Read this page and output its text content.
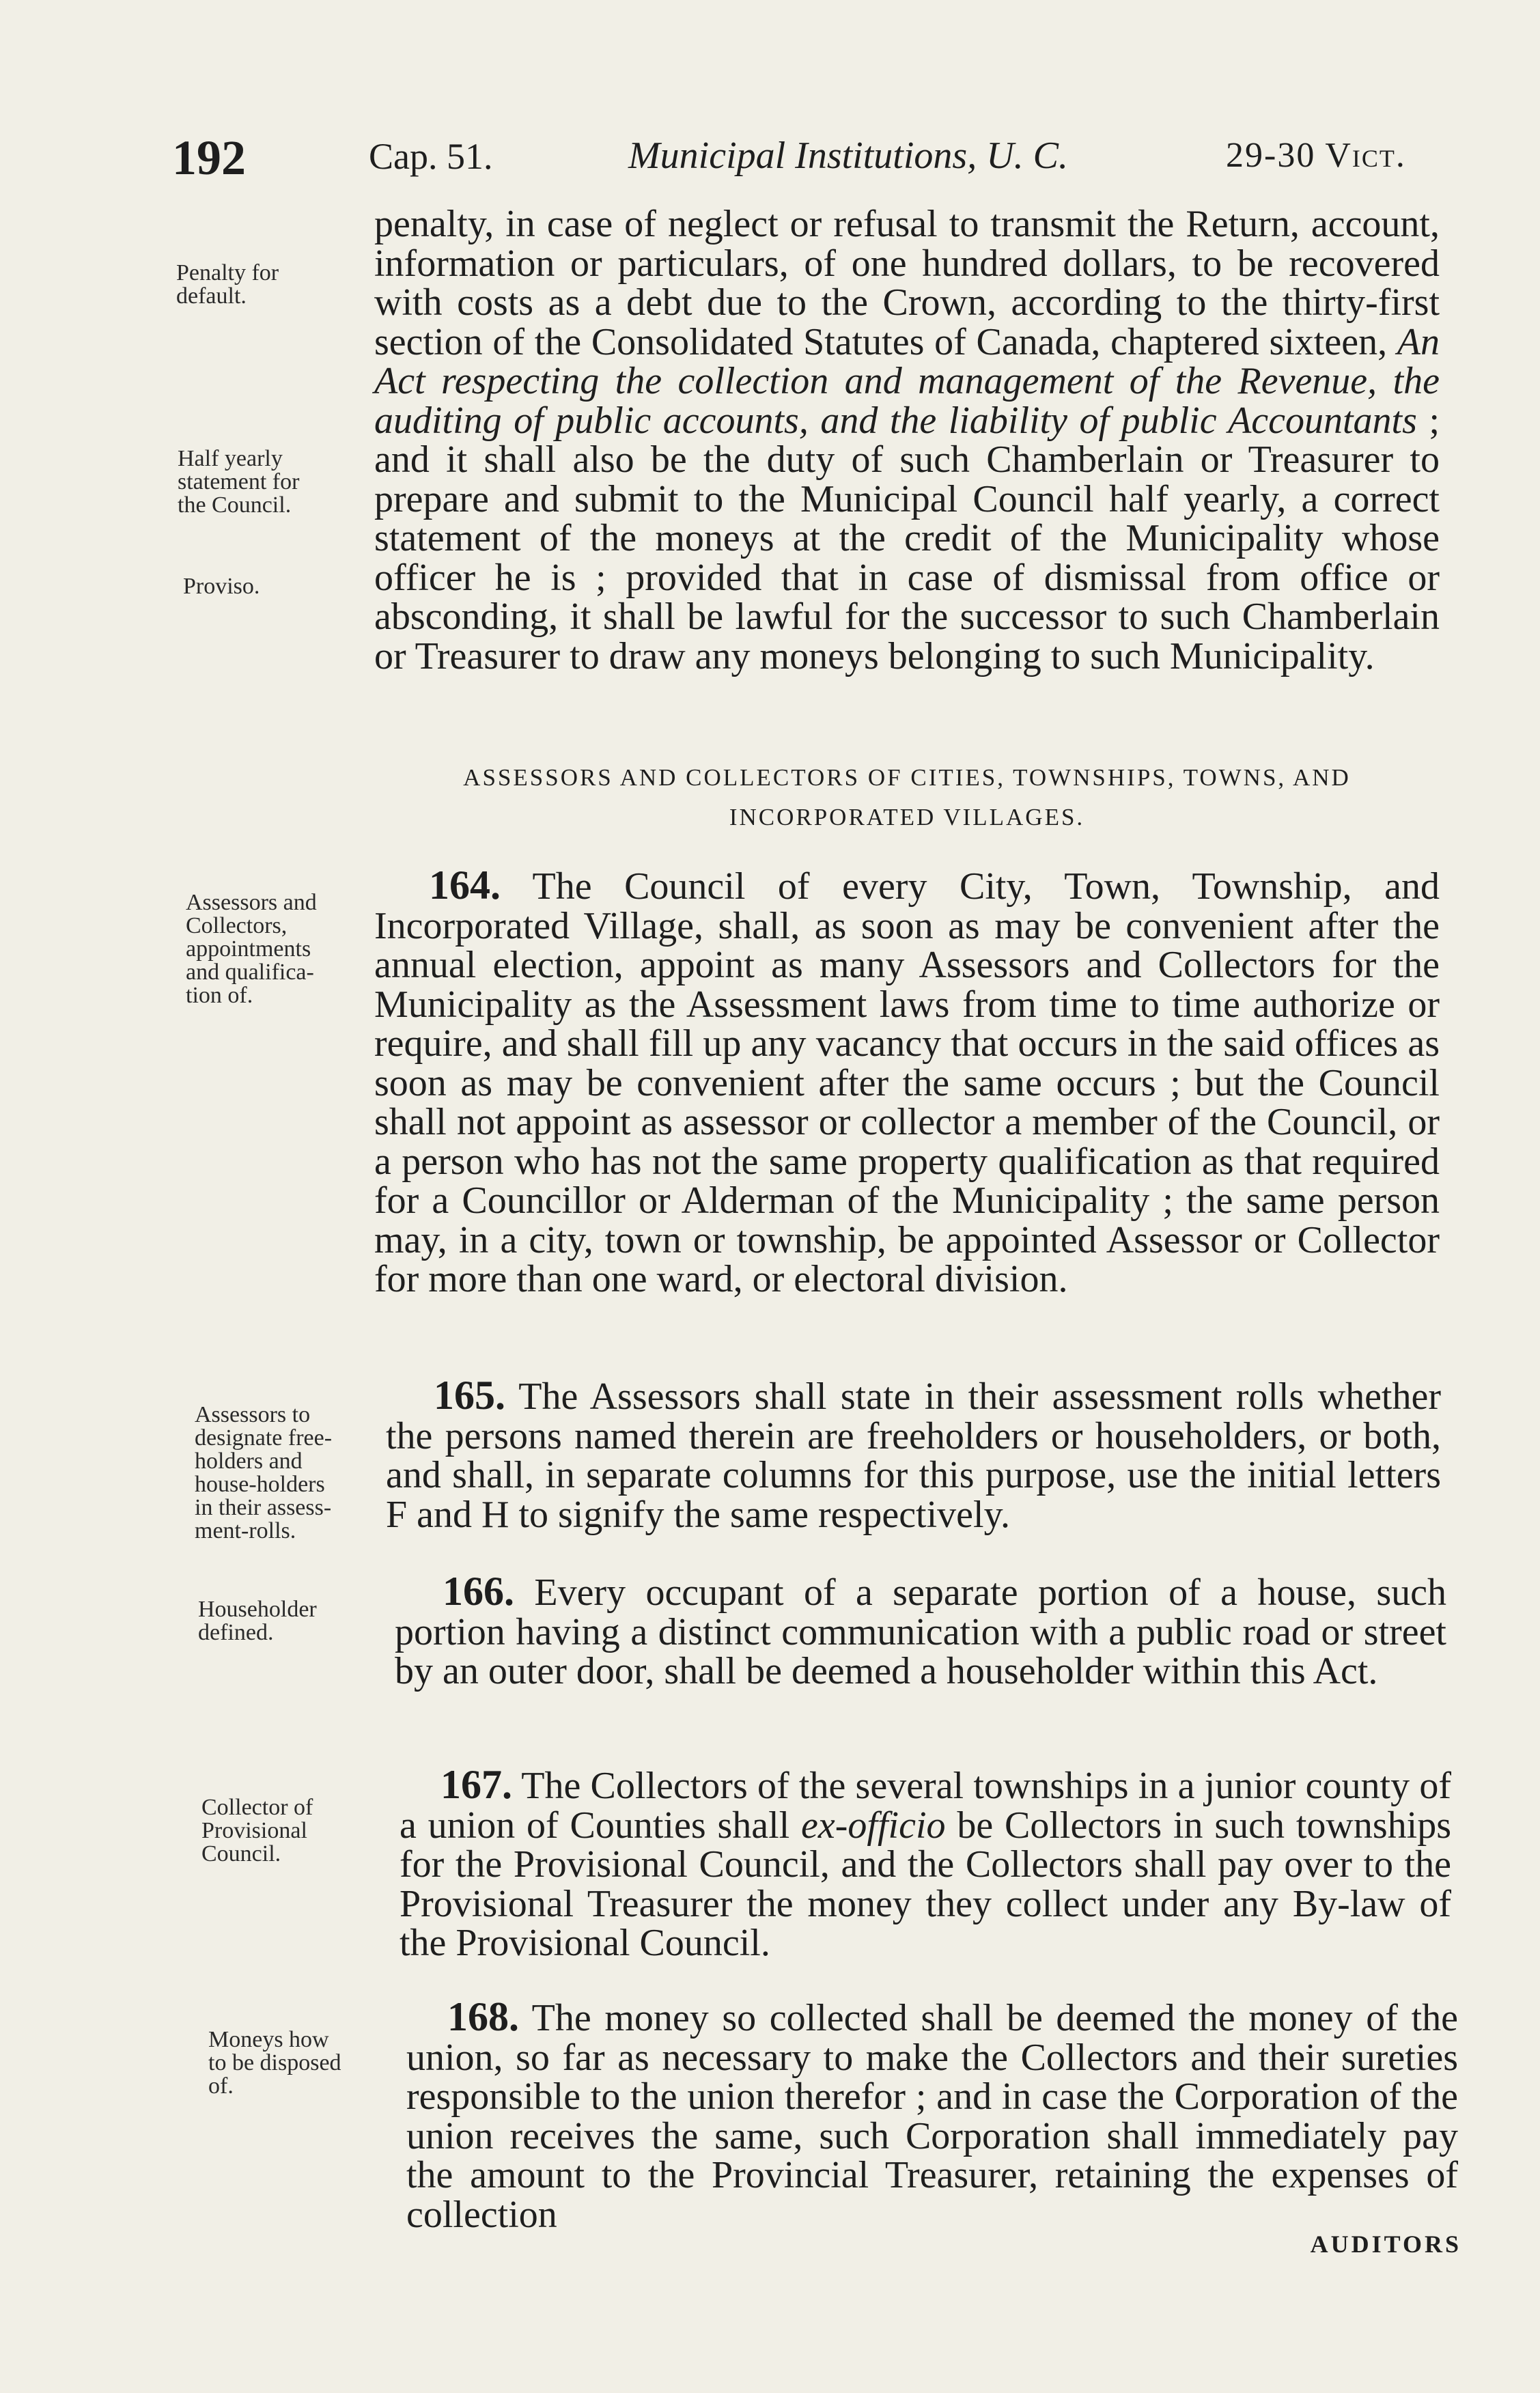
192	Cap. 51.	Municipal Institutions, U. C.	29-30 Vict.
Penalty for
default.
Half yearly
statement for
the Council.
Proviso.
Assessors and
Collectors,
appointments
and qualifica-
tion of.
Assessors to
designate free-
holders and
house-holders
in their assess-
ment-rolls.
Householder
defined.
Collector of
Provisional
Council.
Moneys how
to be disposed
of.
penalty, in case of neglect or refusal to transmit the Return, account, information or particulars, of one hundred dollars, to be recovered with costs as a debt due to the Crown, according to the thirty-first section of the Consolidated Statutes of Canada, chaptered sixteen, An Act respecting the collection and management of the Revenue, the auditing of public accounts, and the liability of public Accountants ; and it shall also be the duty of such Chamberlain or Treasurer to prepare and submit to the Municipal Council half yearly, a correct statement of the moneys at the credit of the Municipality whose officer he is ; provided that in case of dismissal from office or absconding, it shall be lawful for the successor to such Chamberlain or Treasurer to draw any moneys belonging to such Municipality.
ASSESSORS AND COLLECTORS OF CITIES, TOWNSHIPS, TOWNS, AND
INCORPORATED VILLAGES.
164. The Council of every City, Town, Township, and Incorporated Village, shall, as soon as may be convenient after the annual election, appoint as many Assessors and Collectors for the Municipality as the Assessment laws from time to time authorize or require, and shall fill up any vacancy that occurs in the said offices as soon as may be convenient after the same occurs ; but the Council shall not appoint as assessor or collector a member of the Council, or a person who has not the same property qualification as that required for a Councillor or Alderman of the Municipality ; the same person may, in a city, town or township, be appointed Assessor or Collector for more than one ward, or electoral division.
165. The Assessors shall state in their assessment rolls whether the persons named therein are freeholders or householders, or both, and shall, in separate columns for this purpose, use the initial letters F and H to signify the same respectively.
166. Every occupant of a separate portion of a house, such portion having a distinct communication with a public road or street by an outer door, shall be deemed a householder within this Act.
167. The Collectors of the several townships in a junior county of a union of Counties shall ex-officio be Collectors in such townships for the Provisional Council, and the Collectors shall pay over to the Provisional Treasurer the money they collect under any By-law of the Provisional Council.
168. The money so collected shall be deemed the money of the union, so far as necessary to make the Collectors and their sureties responsible to the union therefor ; and in case the Corporation of the union receives the same, such Corporation shall immediately pay the amount to the Provincial Treasurer, retaining the expenses of collection
AUDITORS
